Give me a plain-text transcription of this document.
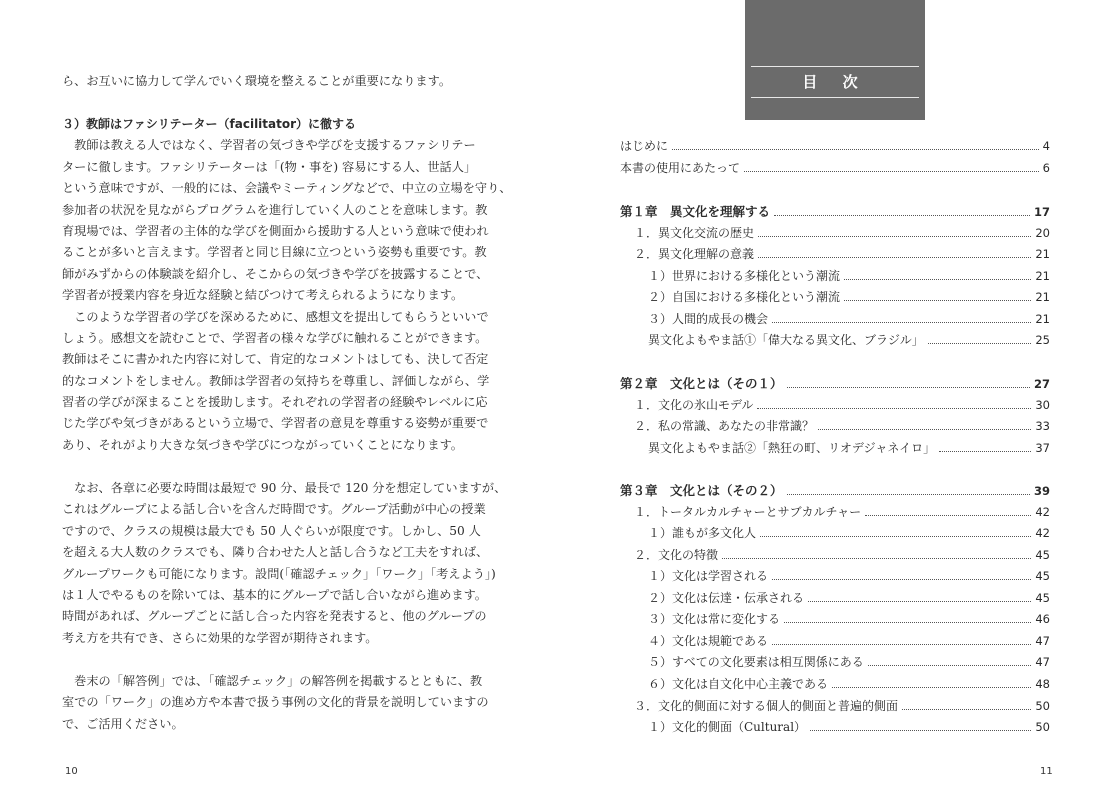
ら、お互いに協力して学んでいく環境を整えることが重要になります。
３）教師はファシリテーター（facilitator）に徹する
　教師は教える人ではなく、学習者の気づきや学びを支援するファシリテー
ターに徹します。ファシリテーターは「(物・事を) 容易にする人、世話人」
という意味ですが、一般的には、会議やミーティングなどで、中立の立場を守り、
参加者の状況を見ながらプログラムを進行していく人のことを意味します。教
育現場では、学習者の主体的な学びを側面から援助する人という意味で使われ
ることが多いと言えます。学習者と同じ目線に立つという姿勢も重要です。教
師がみずからの体験談を紹介し、そこからの気づきや学びを披露することで、
学習者が授業内容を身近な経験と結びつけて考えられるようになります。
　このような学習者の学びを深めるために、感想文を提出してもらうといいで
しょう。感想文を読むことで、学習者の様々な学びに触れることができます。
教師はそこに書かれた内容に対して、肯定的なコメントはしても、決して否定
的なコメントをしません。教師は学習者の気持ちを尊重し、評価しながら、学
習者の学びが深まることを援助します。それぞれの学習者の経験やレベルに応
じた学びや気づきがあるという立場で、学習者の意見を尊重する姿勢が重要で
あり、それがより大きな気づきや学びにつながっていくことになります。
　なお、各章に必要な時間は最短で 90 分、最長で 120 分を想定していますが、
これはグループによる話し合いを含んだ時間です。グループ活動が中心の授業
ですので、クラスの規模は最大でも 50 人ぐらいが限度です。しかし、50 人
を超える大人数のクラスでも、隣り合わせた人と話し合うなど工夫をすれば、
グループワークも可能になります。設問(「確認チェック」「ワーク」「考えよう」)
は１人でやるものを除いては、基本的にグループで話し合いながら進めます。
時間があれば、グループごとに話し合った内容を発表すると、他のグループの
考え方を共有でき、さらに効果的な学習が期待されます。
　巻末の「解答例」では、「確認チェック」の解答例を掲載するとともに、教
室での「ワーク」の進め方や本書で扱う事例の文化的背景を説明していますの
で、ご活用ください。
10
目 次
はじめに	4
本書の使用にあたって	6
第１章　異文化を理解する	17
１．異文化交流の歴史	20
２．異文化理解の意義	21
１）世界における多様化という潮流	21
２）自国における多様化という潮流	21
３）人間的成長の機会	21
異文化よもやま話①「偉大なる異文化、ブラジル」	25
第２章　文化とは（その１）	27
１．文化の氷山モデル	30
２．私の常識、あなたの非常識？	33
異文化よもやま話②「熱狂の町、リオデジャネイロ」	37
第３章　文化とは（その２）	39
１．トータルカルチャーとサブカルチャー	42
１）誰もが多文化人	42
２．文化の特徴	45
１）文化は学習される	45
２）文化は伝達・伝承される	45
３）文化は常に変化する	46
４）文化は規範である	47
５）すべての文化要素は相互関係にある	47
６）文化は自文化中心主義である	48
３．文化的側面に対する個人的側面と普遍的側面	50
１）文化的側面（Cultural）	50
11
